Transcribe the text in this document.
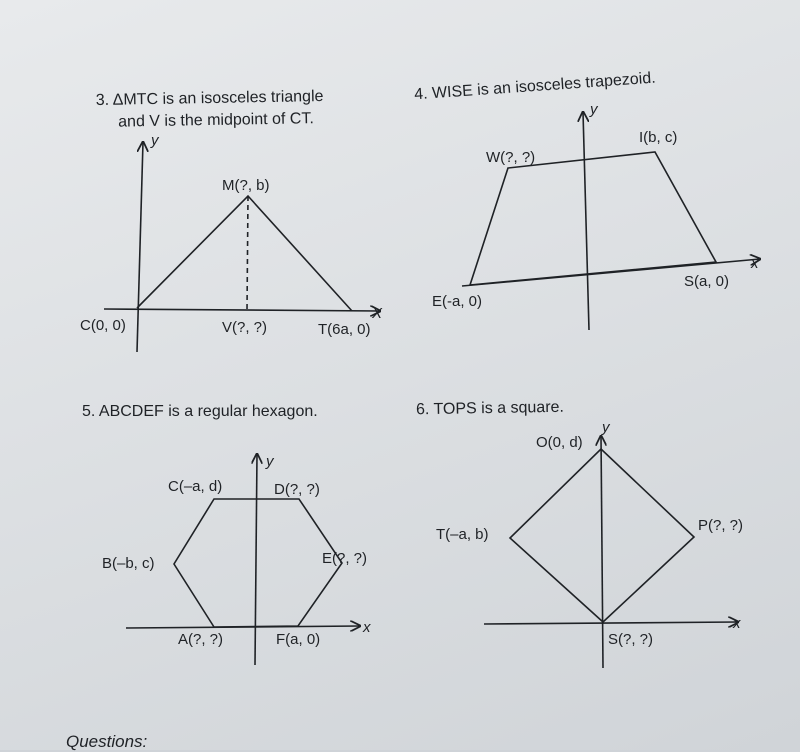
3. ΔMTC is an isosceles triangle
and V is the midpoint of CT.
4. WISE is an isosceles trapezoid.
5. ABCDEF is a regular hexagon.	6. TOPS is a square.
y
X
M(?, b)
C(0, 0)	V(?, ?)	T(6a, 0)
y
x
W(?, ?)
I(b, c)
E(-a, 0)
S(a, 0)
y
x
C(–a, d)	D(?, ?)
B(–b, c)	E(?, ?)
A(?, ?)	F(a, 0)
y
x
O(0, d)
T(–a, b)
P(?, ?)
S(?, ?)
Questions:
